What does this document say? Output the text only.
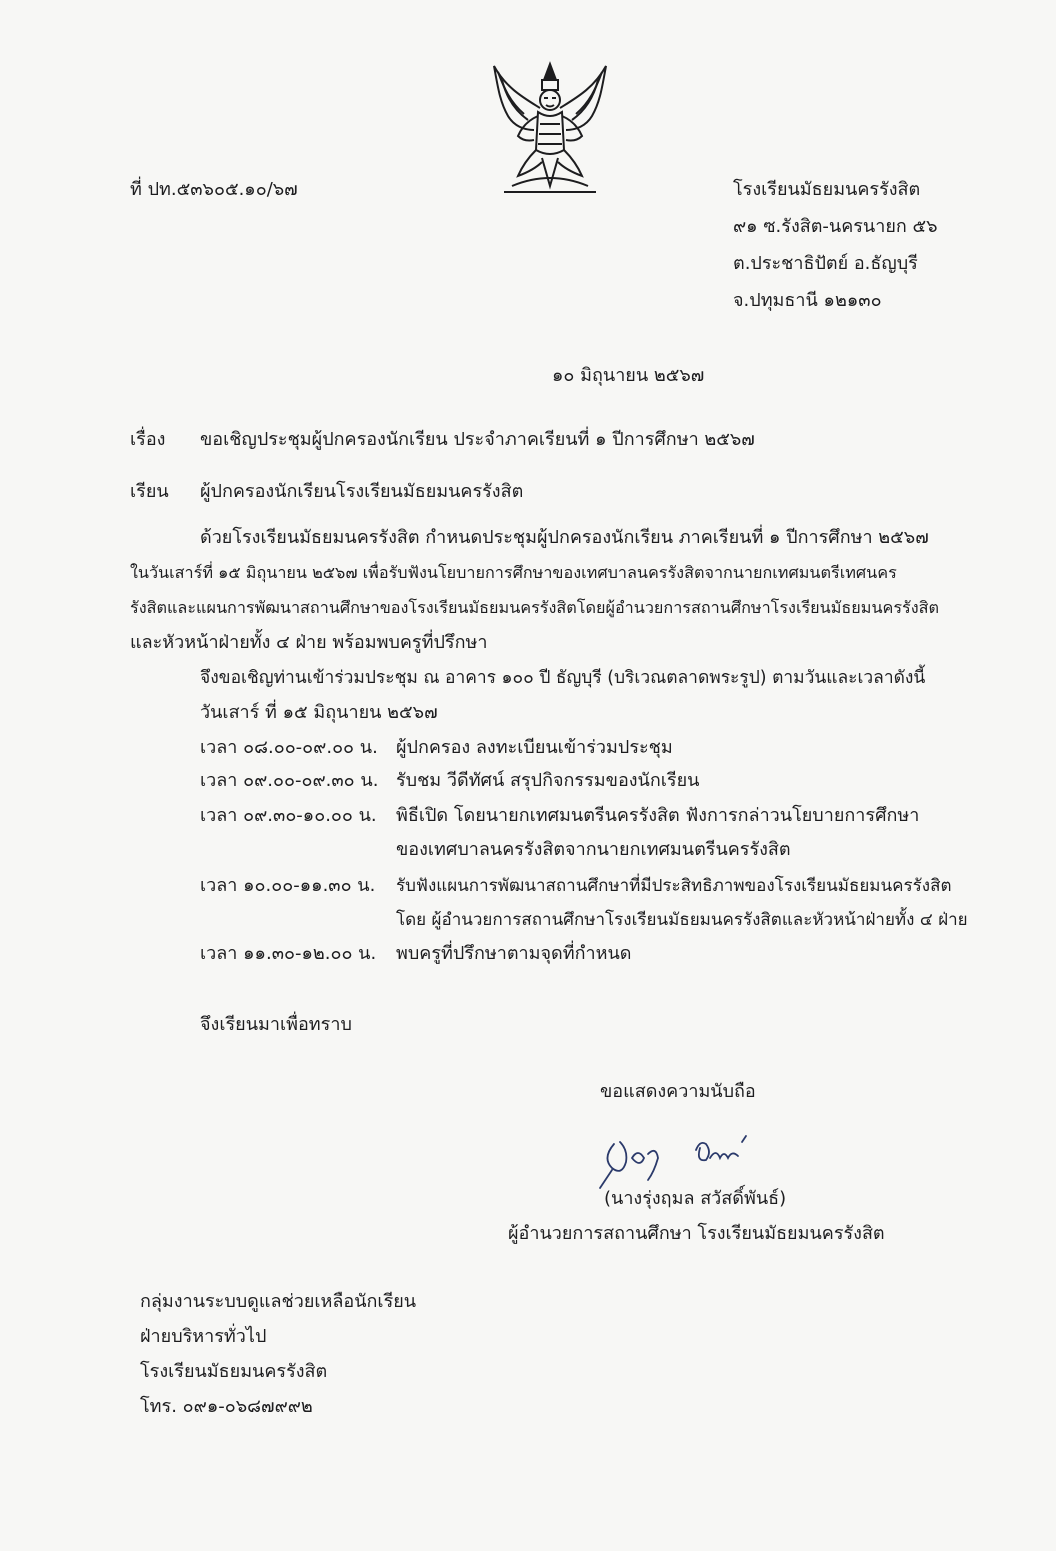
ที่ ปท.๕๓๖๐๕.๑๐/๖๗	โรงเรียนมัธยมนครรังสิต
๙๑ ซ.รังสิต-นครนายก ๕๖
ต.ประชาธิปัตย์ อ.ธัญบุรี
จ.ปทุมธานี ๑๒๑๓๐
๑๐ มิถุนายน ๒๕๖๗
เรื่อง ขอเชิญประชุมผู้ปกครองนักเรียน ประจำภาคเรียนที่ ๑ ปีการศึกษา ๒๕๖๗
เรียน ผู้ปกครองนักเรียนโรงเรียนมัธยมนครรังสิต
ด้วยโรงเรียนมัธยมนครรังสิต กำหนดประชุมผู้ปกครองนักเรียน ภาคเรียนที่ ๑ ปีการศึกษา ๒๕๖๗
ในวันเสาร์ที่ ๑๕ มิถุนายน ๒๕๖๗ เพื่อรับฟังนโยบายการศึกษาของเทศบาลนครรังสิตจากนายกเทศมนตรีเทศนคร
รังสิตและแผนการพัฒนาสถานศึกษาของโรงเรียนมัธยมนครรังสิตโดยผู้อำนวยการสถานศึกษาโรงเรียนมัธยมนครรังสิต
และหัวหน้าฝ่ายทั้ง ๔ ฝ่าย พร้อมพบครูที่ปรึกษา
จึงขอเชิญท่านเข้าร่วมประชุม ณ อาคาร ๑๐๐ ปี ธัญบุรี (บริเวณตลาดพระรูป) ตามวันและเวลาดังนี้
วันเสาร์ ที่ ๑๕ มิถุนายน ๒๕๖๗
เวลา ๐๘.๐๐-๐๙.๐๐ น. ผู้ปกครอง ลงทะเบียนเข้าร่วมประชุม
เวลา ๐๙.๐๐-๐๙.๓๐ น. รับชม วีดีทัศน์ สรุปกิจกรรมของนักเรียน
เวลา ๐๙.๓๐-๑๐.๐๐ น. พิธีเปิด โดยนายกเทศมนตรีนครรังสิต ฟังการกล่าวนโยบายการศึกษา
ของเทศบาลนครรังสิตจากนายกเทศมนตรีนครรังสิต
เวลา ๑๐.๐๐-๑๑.๓๐ น. รับฟังแผนการพัฒนาสถานศึกษาที่มีประสิทธิภาพของโรงเรียนมัธยมนครรังสิต
โดย ผู้อำนวยการสถานศึกษาโรงเรียนมัธยมนครรังสิตและหัวหน้าฝ่ายทั้ง ๔ ฝ่าย
เวลา ๑๑.๓๐-๑๒.๐๐ น. พบครูที่ปรึกษาตามจุดที่กำหนด
จึงเรียนมาเพื่อทราบ
ขอแสดงความนับถือ
(นางรุ่งฤมล สวัสดิ์พันธ์)
ผู้อำนวยการสถานศึกษา โรงเรียนมัธยมนครรังสิต
กลุ่มงานระบบดูแลช่วยเหลือนักเรียน
ฝ่ายบริหารทั่วไป
โรงเรียนมัธยมนครรังสิต
โทร. ๐๙๑-๐๖๘๗๙๙๒
